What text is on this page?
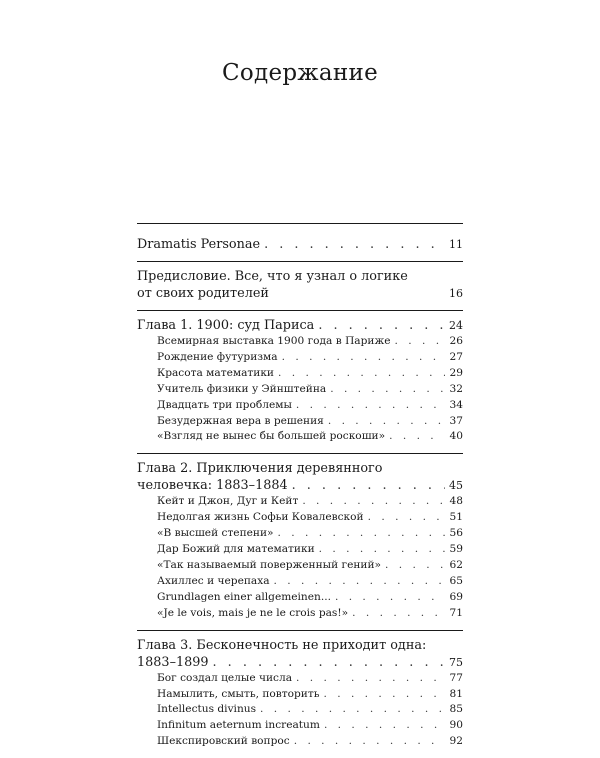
Содержание
Dramatis Personae . . .	11
Предисловие. Все, что я узнал о логике
от своих родителей	16
Глава 1. 1900: суд Париса . . .	24
Всемирная выставка 1900 года в Париже . . .	26
Рождение футуризма . . .	27
Красота математики . . .	29
Учитель физики у Эйнштейна . . .	32
Двадцать три проблемы . . .	34
Безудержная вера в решения . . .	37
«Взгляд не вынес бы большей роскоши» . . .	40
Глава 2. Приключения деревянного
человечка: 1883–1884 . . .	45
Кейт и Джон, Дуг и Кейт . . .	48
Недолгая жизнь Софьи Ковалевской . . .	51
«В высшей степени» . . .	56
Дар Божий для математики . . .	59
«Так называемый поверженный гений» . . .	62
Ахиллес и черепаха . . .	65
Grundlagen einer allgemeinen... . . .	69
«Je le vois, mais je ne le crois pas!» . . .	71
Глава 3. Бесконечность не приходит одна:
1883–1899 . . .	75
Бог создал целые числа . . .	77
Намылить, смыть, повторить . . .	81
Intellectus divinus . . .	85
Infinitum aeternum increatum . . .	90
Шекспировский вопрос . . .	92
